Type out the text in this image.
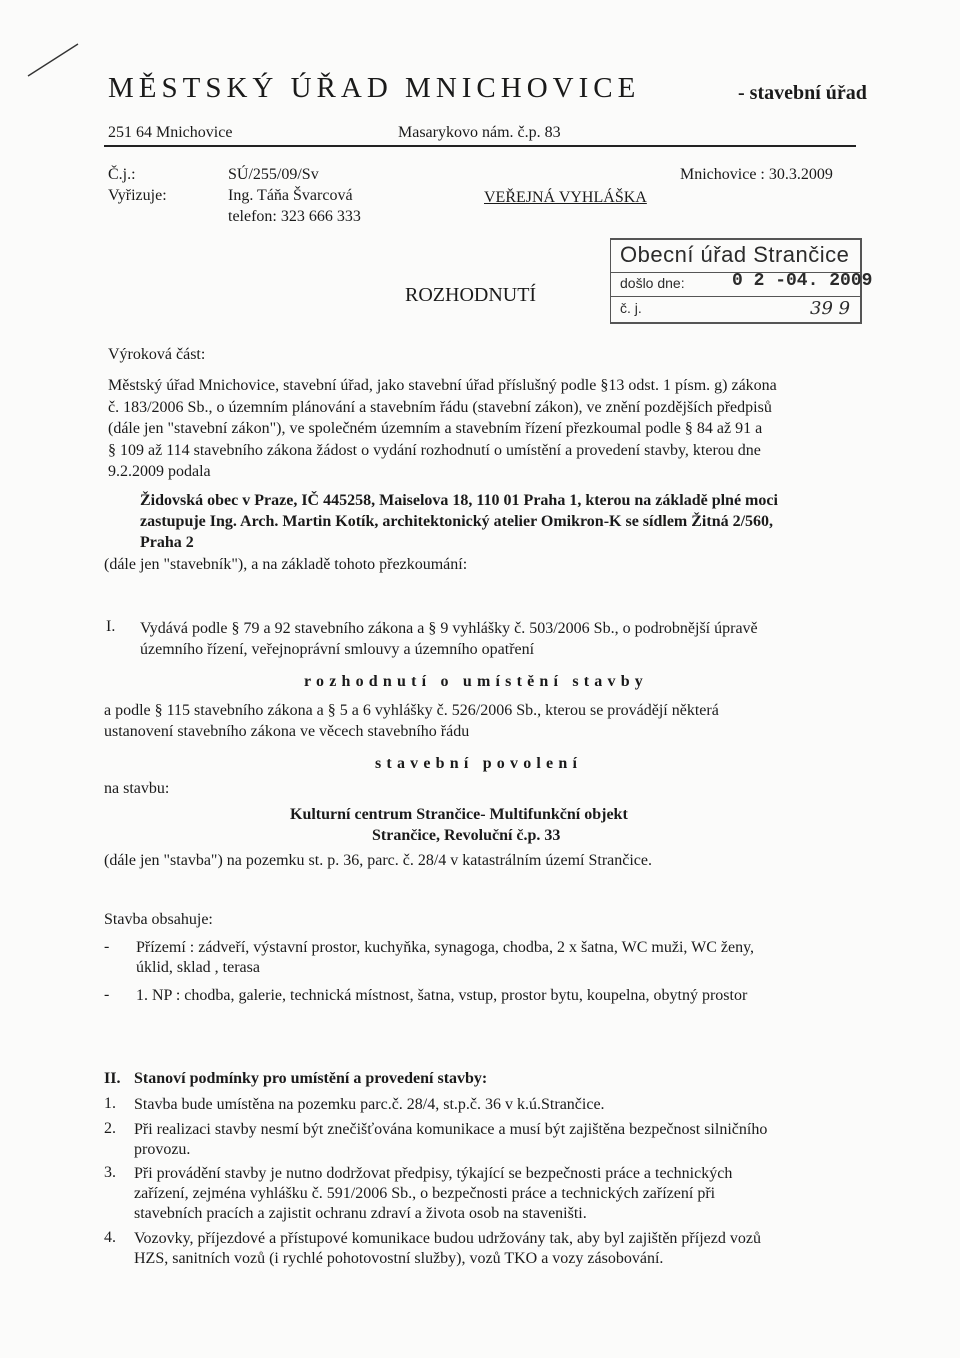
MĚSTSKÝ ÚŘAD MNICHOVICE	- stavební úřad
251 64 Mnichovice	Masarykovo nám. č.p. 83
Č.j.:	SÚ/255/09/Sv
Vyřizuje:	Ing. Táňa Švarcová
telefon: 323 666 333
Mnichovice : 30.3.2009
VEŘEJNÁ VYHLÁŠKA
Obecní úřad Strančice
došlo dne:	0 2 -04. 2009
č. j.	39 9
ROZHODNUTÍ
Výroková část:
Městský úřad Mnichovice, stavební úřad, jako stavební úřad příslušný podle §13 odst. 1 písm. g) zákona
č. 183/2006 Sb., o územním plánování a stavebním řádu (stavební zákon), ve znění pozdějších předpisů
(dále jen "stavební zákon"), ve společném územním a stavebním řízení přezkoumal podle § 84 až 91 a
§ 109 až 114 stavebního zákona žádost o vydání rozhodnutí o umístění a provedení stavby, kterou dne
9.2.2009 podala
Židovská obec v Praze, IČ 445258, Maiselova 18, 110 01 Praha 1, kterou na základě plné moci
zastupuje Ing. Arch. Martin Kotík, architektonický atelier Omikron-K se sídlem Žitná 2/560,
Praha 2
(dále jen "stavebník"), a na základě tohoto přezkoumání:
I. Vydává podle § 79 a 92 stavebního zákona a § 9 vyhlášky č. 503/2006 Sb., o podrobnější úpravě
územního řízení, veřejnoprávní smlouvy a územního opatření
rozhodnutí o umístění stavby
a podle § 115 stavebního zákona a § 5 a 6 vyhlášky č. 526/2006 Sb., kterou se provádějí některá
ustanovení stavebního zákona ve věcech stavebního řádu
stavební povolení
na stavbu:
Kulturní centrum Strančice- Multifunkční objekt
Strančice, Revoluční č.p. 33
(dále jen "stavba") na pozemku st. p. 36, parc. č. 28/4 v katastrálním území Strančice.
Stavba obsahuje:
- Přízemí : zádveří, výstavní prostor, kuchyňka, synagoga, chodba, 2 x šatna, WC muži, WC ženy,
úklid, sklad , terasa
- 1. NP : chodba, galerie, technická místnost, šatna, vstup, prostor bytu, koupelna, obytný prostor
II. Stanoví podmínky pro umístění a provedení stavby:
1. Stavba bude umístěna na pozemku parc.č. 28/4, st.p.č. 36 v k.ú.Strančice.
2. Při realizaci stavby nesmí být znečišťována komunikace a musí být zajištěna bezpečnost silničního
provozu.
3. Při provádění stavby je nutno dodržovat předpisy, týkající se bezpečnosti práce a technických
zařízení, zejména vyhlášku č. 591/2006 Sb., o bezpečnosti práce a technických zařízení při
stavebních pracích a zajistit ochranu zdraví a života osob na staveništi.
4. Vozovky, příjezdové a přístupové komunikace budou udržovány tak, aby byl zajištěn příjezd vozů
HZS, sanitních vozů (i rychlé pohotovostní služby), vozů TKO a vozy zásobování.
